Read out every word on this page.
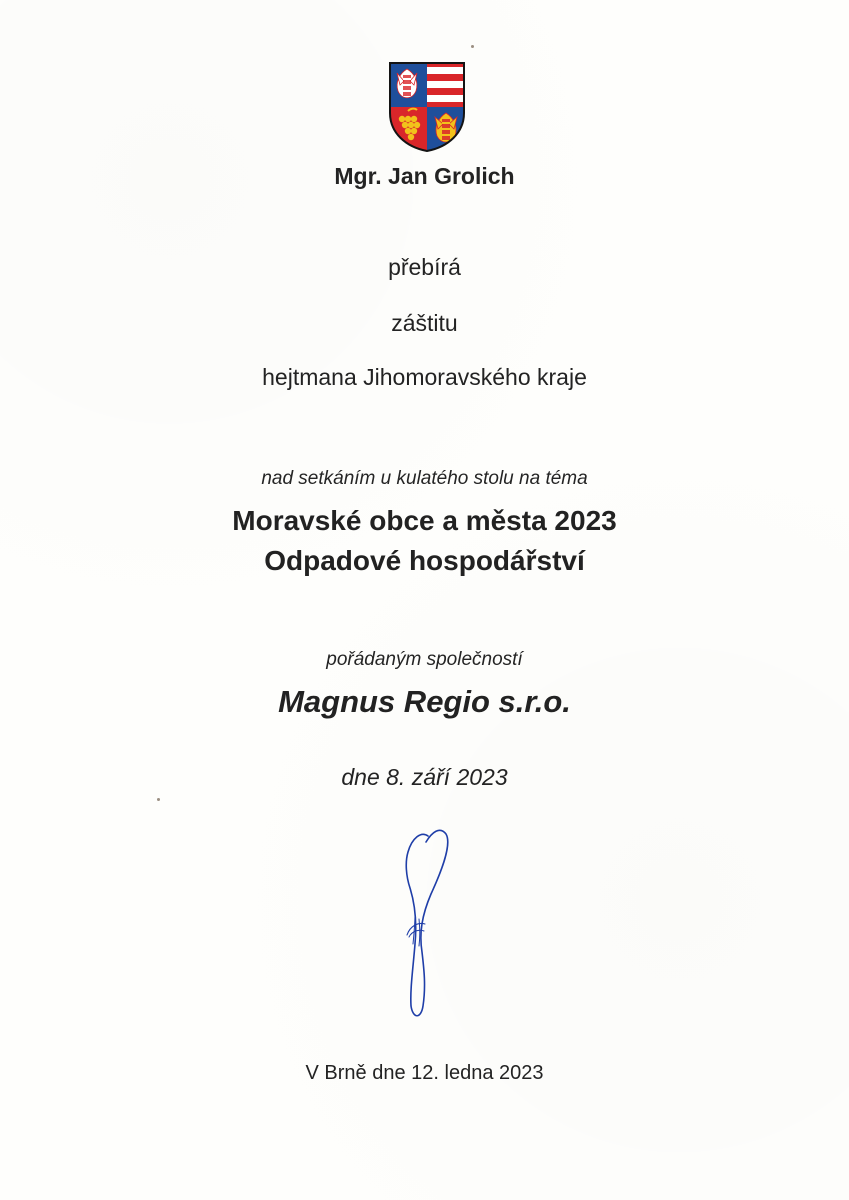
Mgr. Jan Grolich
přebírá
záštitu
hejtmana Jihomoravského kraje
nad setkáním u kulatého stolu na téma
Moravské obce a města 2023
Odpadové hospodářství
pořádaným společností
Magnus Regio s.r.o.
dne 8. září 2023
V Brně dne 12. ledna 2023
